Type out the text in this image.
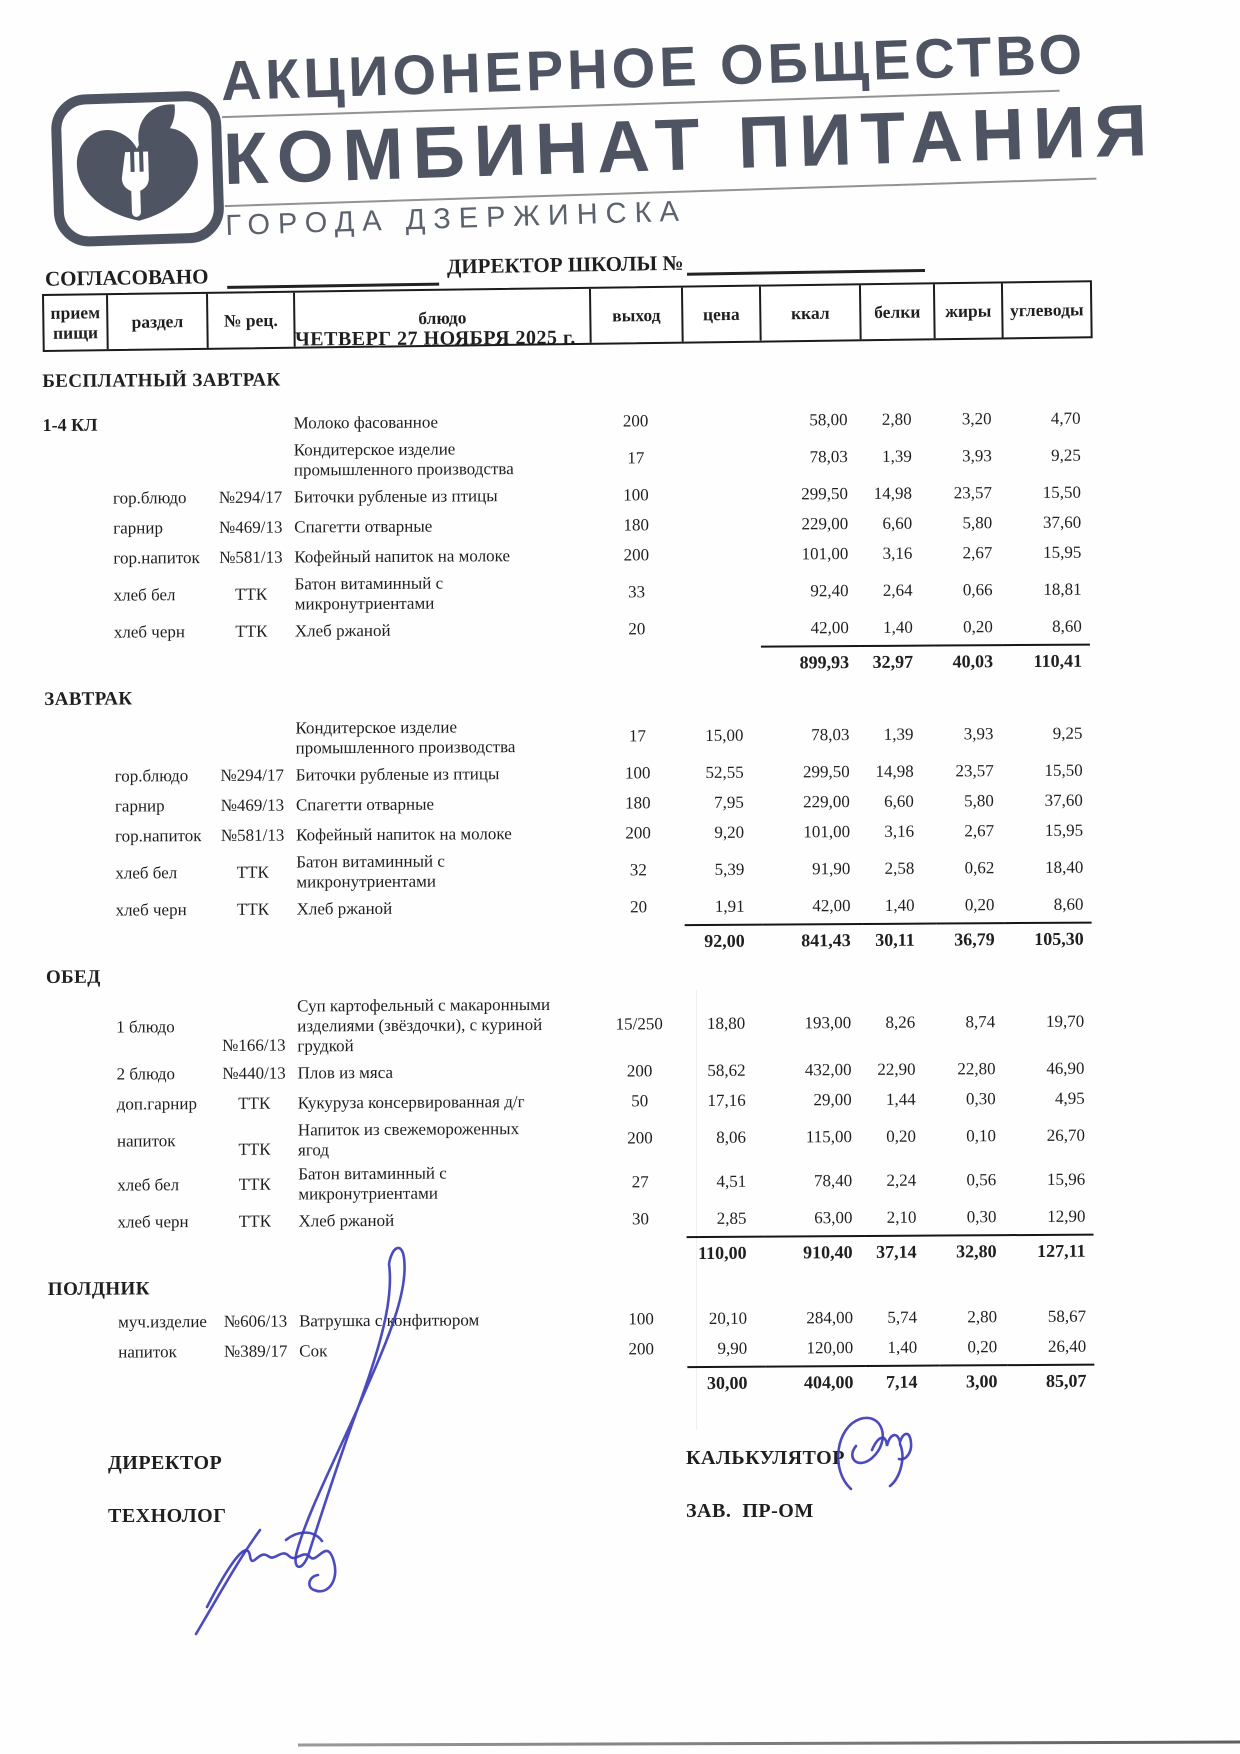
АКЦИОНЕРНОЕ ОБЩЕСТВО
КОМБИНАТ ПИТАНИЯ
ГОРОДА ДЗЕРЖИНСКА
СОГЛАСОВАНО	ДИРЕКТОР ШКОЛЫ №
прием пищи
раздел	№ рец.	блюдо	выход	цена	ккал	белки	жиры	углеводы
ЧЕТВЕРГ 27 НОЯБРЯ 2025 г.
БЕСПЛАТНЫЙ ЗАВТРАК
1-4 КЛ	Молоко фасованное	200	58,00	2,80	3,20	4,70
Кондитерское изделие
промышленного производства
17	78,03	1,39	3,93	9,25
гор.блюдо	№294/17 Биточки рубленые из птицы	100	299,50	14,98	23,57	15,50
гарнир	№469/13 Спагетти отварные	180	229,00	6,60	5,80	37,60
гор.напиток	№581/13 Кофейный напиток на молоке	200	101,00	3,16	2,67	15,95
хлеб бел	ТТК
Батон витаминный с
микронутриентами
33	92,40	2,64	0,66	18,81
хлеб черн	ТТК	Хлеб ржаной	20	42,00	1,40	0,20	8,60
899,93	32,97	40,03	110,41
ЗАВТРАК
Кондитерское изделие
промышленного производства
17	15,00	78,03	1,39	3,93	9,25
гор.блюдо	№294/17 Биточки рубленые из птицы	100	52,55	299,50	14,98	23,57	15,50
гарнир	№469/13 Спагетти отварные	180	7,95	229,00	6,60	5,80	37,60
гор.напиток	№581/13 Кофейный напиток на молоке	200	9,20	101,00	3,16	2,67	15,95
хлеб бел	ТТК
Батон витаминный с
микронутриентами
32	5,39	91,90	2,58	0,62	18,40
хлеб черн	ТТК	Хлеб ржаной	20	1,91	42,00	1,40	0,20	8,60
92,00	841,43	30,11	36,79	105,30
ОБЕД
1 блюдо
№166/13
Суп картофельный с макаронными
изделиями (звёздочки), с куриной
грудкой
15/250	18,80	193,00	8,26	8,74	19,70
2 блюдо	№440/13 Плов из мяса	200	58,62	432,00	22,90	22,80	46,90
доп.гарнир	ТТК	Кукуруза консервированная д/г	50	17,16	29,00	1,44	0,30	4,95
напиток	ТТК
Напиток из свежемороженных
ягод
200	8,06	115,00	0,20	0,10	26,70
хлеб бел	ТТК
Батон витаминный с
микронутриентами
27	4,51	78,40	2,24	0,56	15,96
хлеб черн	ТТК	Хлеб ржаной	30	2,85	63,00	2,10	0,30	12,90
110,00	910,40	37,14	32,80	127,11
ПОЛДНИК
муч.изделие №606/13 Ватрушка с конфитюром	100	20,10	284,00	5,74	2,80	58,67
напиток	№389/17 Сок	200	9,90	120,00	1,40	0,20	26,40
30,00	404,00	7,14	3,00	85,07
ДИРЕКТОР
ТЕХНОЛОГ
КАЛЬКУЛЯТОР
ЗАВ.  ПР-ОМ
